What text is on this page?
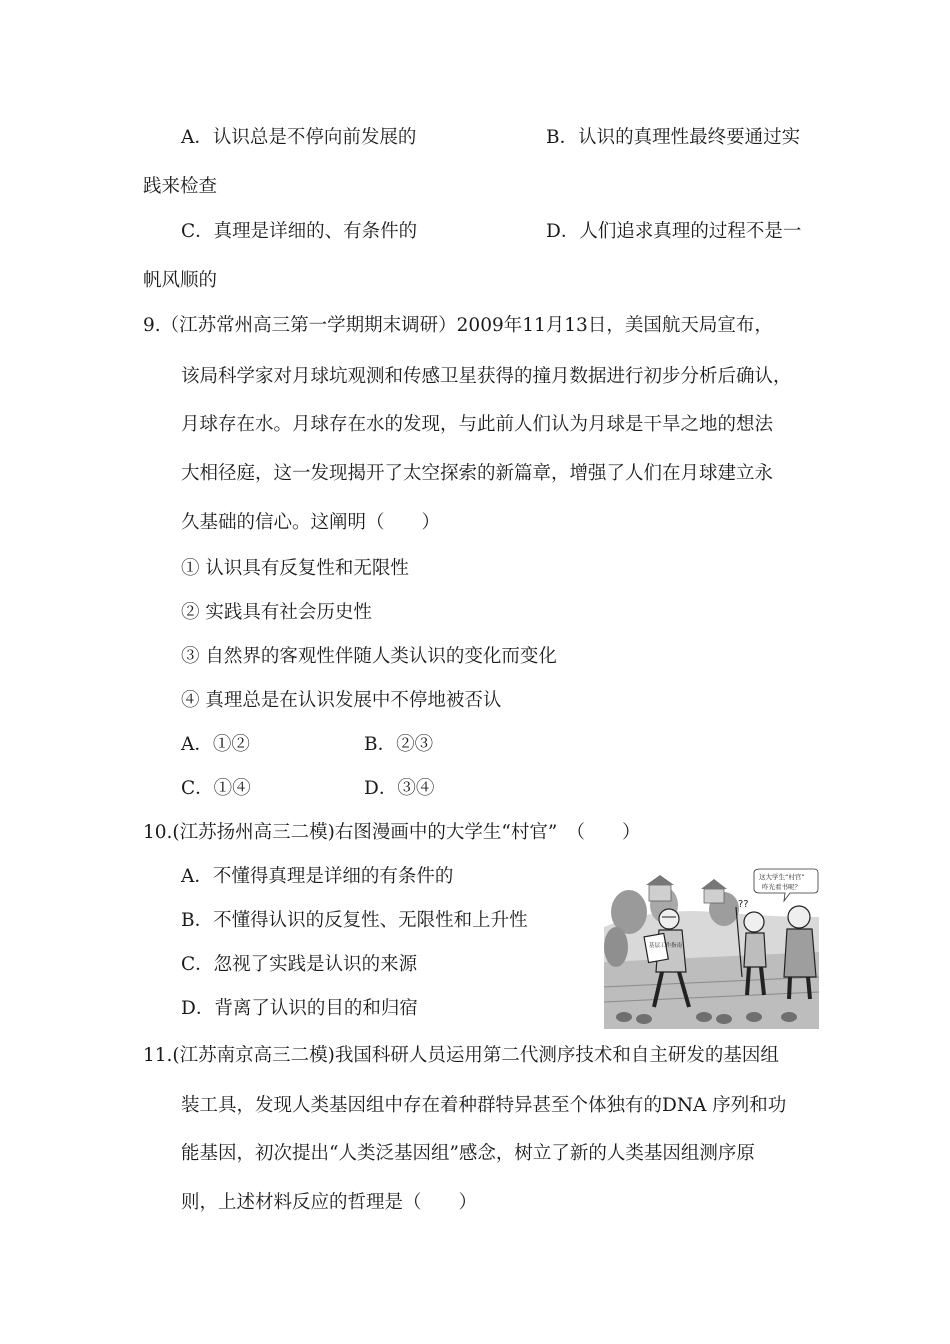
A．认识总是不停向前发展的	B．认识的真理性最终要通过实
践来检查
C．真理是详细的、有条件的	D．人们追求真理的过程不是一
帆风顺的
9.（江苏常州高三第一学期期末调研）2009年11月13日，美国航天局宣布，
该局科学家对月球坑观测和传感卫星获得的撞月数据进行初步分析后确认，
月球存在水。月球存在水的发现，与此前人们认为月球是干旱之地的想法
大相径庭，这一发现揭开了太空探索的新篇章，增强了人们在月球建立永
久基础的信心。这阐明（　　）
① 认识具有反复性和无限性
② 实践具有社会历史性
③ 自然界的客观性伴随人类认识的变化而变化
④ 真理总是在认识发展中不停地被否认
A．①②	B．②③
C．①④	D．③④
10.(江苏扬州高三二模)右图漫画中的大学生“村官”　（　　）
A．不懂得真理是详细的有条件的
B．不懂得认识的反复性、无限性和上升性
C．忽视了实践是认识的来源
D．背离了认识的目的和归宿
基层工作指南
??
这大学生“村官”
咋光看书呢？
11.(江苏南京高三二模)我国科研人员运用第二代测序技术和自主研发的基因组
装工具，发现人类基因组中存在着种群特异甚至个体独有的DNA 序列和功
能基因，初次提出“人类泛基因组”感念，树立了新的人类基因组测序原
则，上述材料反应的哲理是（　　）
